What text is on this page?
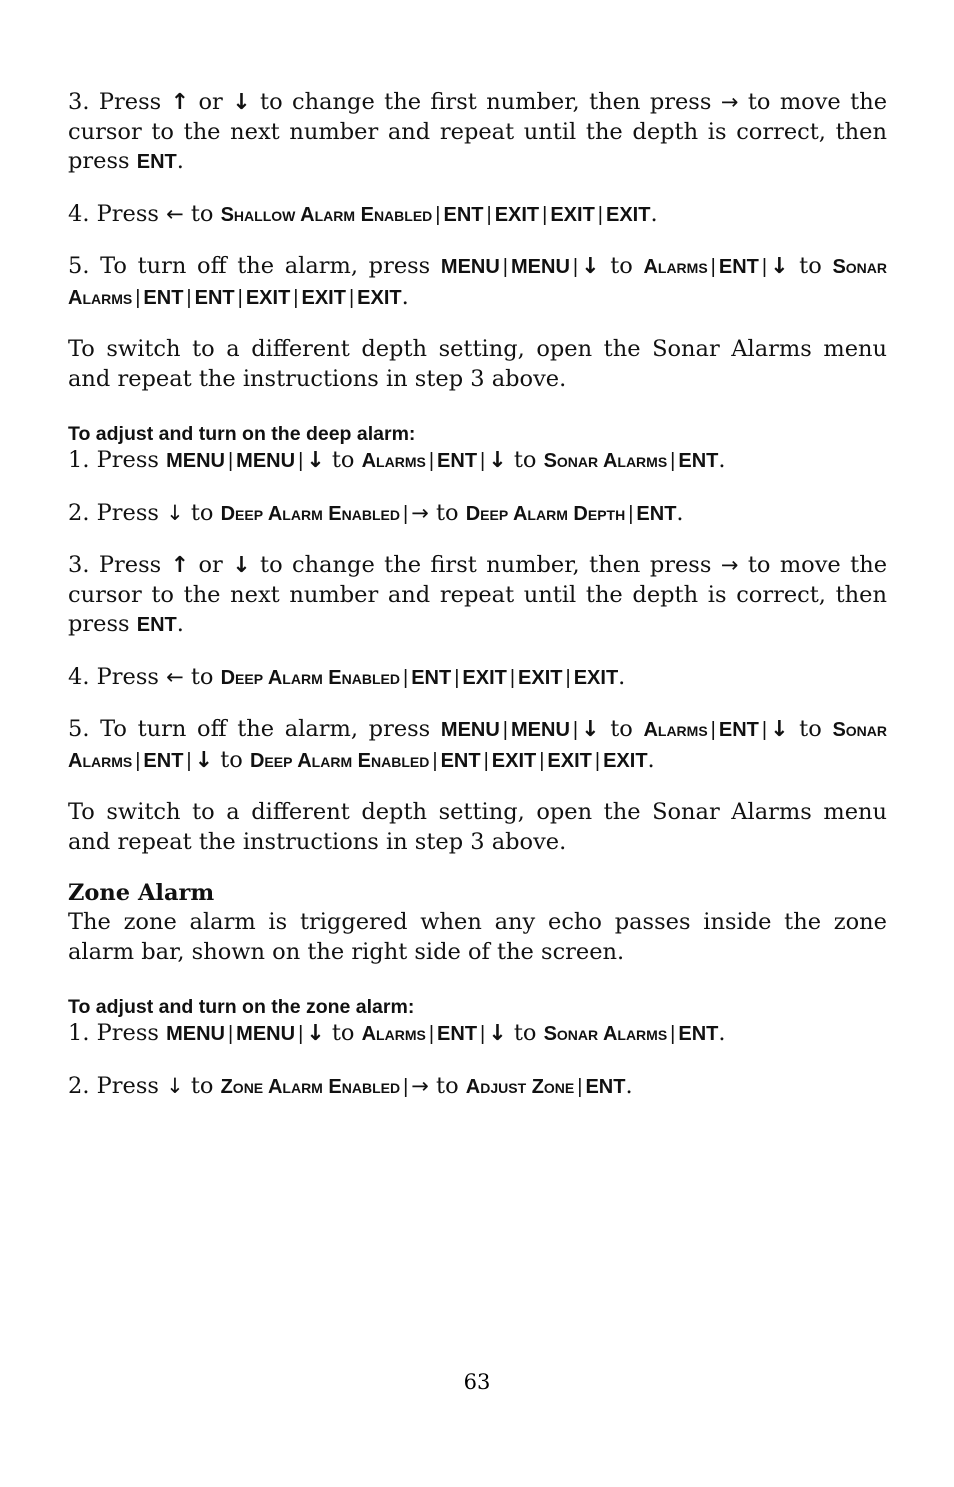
3. Press ↑ or ↓ to change the first number, then press → to move the cursor to the next number and repeat until the depth is correct, then press ENT.

4. Press ← to Shallow Alarm Enabled | ENT | EXIT | EXIT | EXIT.

5. To turn off the alarm, press MENU | MENU | ↓ to Alarms | ENT | ↓ to Sonar Alarms | ENT | ENT | EXIT | EXIT | EXIT.

To switch to a different depth setting, open the Sonar Alarms menu and repeat the instructions in step 3 above.

To adjust and turn on the deep alarm:

1. Press MENU | MENU | ↓ to Alarms | ENT | ↓ to Sonar Alarms | ENT.

2. Press ↓ to Deep Alarm Enabled | → to Deep Alarm Depth | ENT.

3. Press ↑ or ↓ to change the first number, then press → to move the cursor to the next number and repeat until the depth is correct, then press ENT.

4. Press ← to Deep Alarm Enabled | ENT | EXIT | EXIT | EXIT.

5. To turn off the alarm, press MENU | MENU | ↓ to Alarms | ENT | ↓ to Sonar Alarms | ENT | ↓ to Deep Alarm Enabled | ENT | EXIT | EXIT | EXIT.

To switch to a different depth setting, open the Sonar Alarms menu and repeat the instructions in step 3 above.

Zone Alarm

The zone alarm is triggered when any echo passes inside the zone alarm bar, shown on the right side of the screen.

To adjust and turn on the zone alarm:

1. Press MENU | MENU | ↓ to Alarms | ENT | ↓ to Sonar Alarms | ENT.

2. Press ↓ to Zone Alarm Enabled | → to Adjust Zone | ENT.

63
